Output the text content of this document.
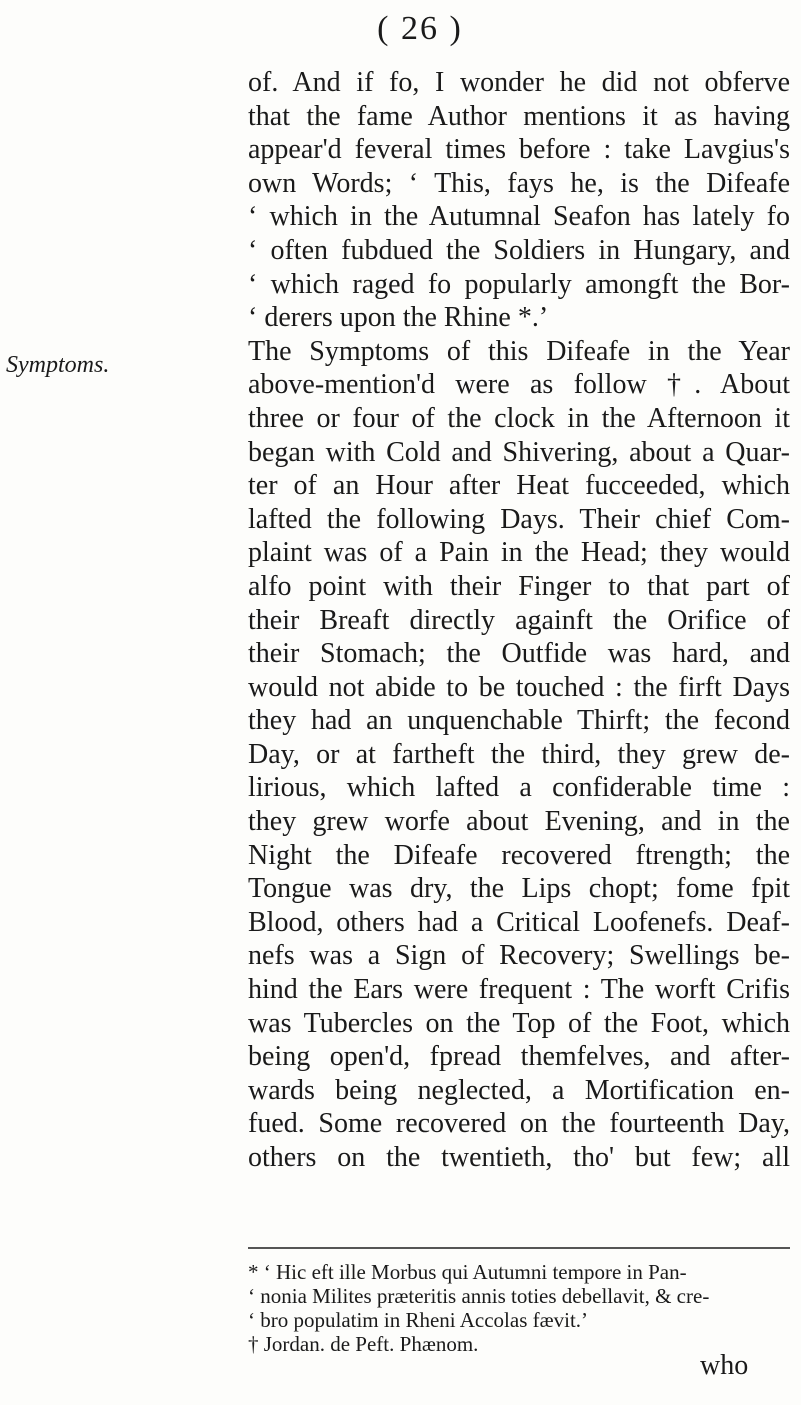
( 26 )
Symptoms.
of. And if fo, I wonder he did not obferve
that the fame Author mentions it as having
appear'd feveral times before : take Lavgius's
own Words; ‘ This, fays he, is the Difeafe
‘ which in the Autumnal Seafon has lately fo
‘ often fubdued the Soldiers in Hungary, and
‘ which raged fo popularly amongft the Bor-
‘ derers upon the Rhine *.’
The Symptoms of this Difeafe in the Year
above-mention'd were as follow †. About
three or four of the clock in the Afternoon it
began with Cold and Shivering, about a Quar-
ter of an Hour after Heat fucceeded, which
lafted the following Days. Their chief Com-
plaint was of a Pain in the Head; they would
alfo point with their Finger to that part of
their Breaft directly againft the Orifice of
their Stomach; the Outfide was hard, and
would not abide to be touched : the firft Days
they had an unquenchable Thirft; the fecond
Day, or at fartheft the third, they grew de-
lirious, which lafted a confiderable time :
they grew worfe about Evening, and in the
Night the Difeafe recovered ftrength; the
Tongue was dry, the Lips chopt; fome fpit
Blood, others had a Critical Loofenefs. Deaf-
nefs was a Sign of Recovery; Swellings be-
hind the Ears were frequent : The worft Crifis
was Tubercles on the Top of the Foot, which
being open'd, fpread themfelves, and after-
wards being neglected, a Mortification en-
fued. Some recovered on the fourteenth Day,
others on the twentieth, tho' but few; all
* ‘ Hic eft ille Morbus qui Autumni tempore in Pan-
‘ nonia Milites præteritis annis toties debellavit, & cre-
‘ bro populatim in Rheni Accolas fævit.’
† Jordan. de Peft. Phænom.
who
